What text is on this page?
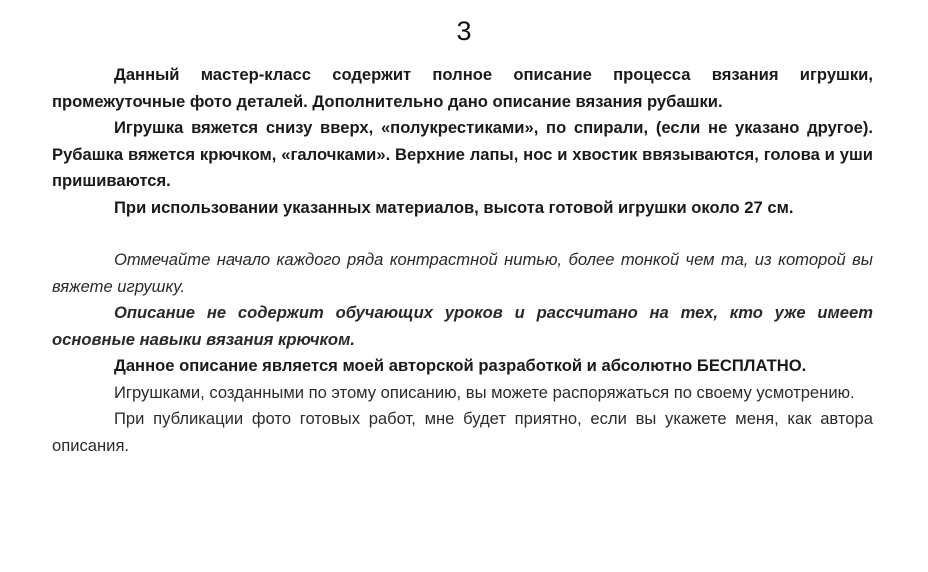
3

Данный мастер-класс содержит полное описание процесса вязания игрушки, промежуточные фото деталей. Дополнительно дано описание вязания рубашки.

Игрушка вяжется снизу вверх, «полукрестиками», по спирали, (если не указано другое). Рубашка вяжется крючком, «галочками». Верхние лапы, нос и хвостик ввязываются, голова и уши пришиваются.

При использовании указанных материалов, высота готовой игрушки около 27 см.

Отмечайте начало каждого ряда контрастной нитью, более тонкой чем та, из которой вы вяжете игрушку.

Описание не содержит обучающих уроков и рассчитано на тех, кто уже имеет основные навыки вязания крючком.

Данное описание является моей авторской разработкой и абсолютно БЕСПЛАТНО.

Игрушками, созданными по этому описанию, вы можете распоряжаться по своему усмотрению.

При публикации фото готовых работ, мне будет приятно, если вы укажете меня, как автора описания.
